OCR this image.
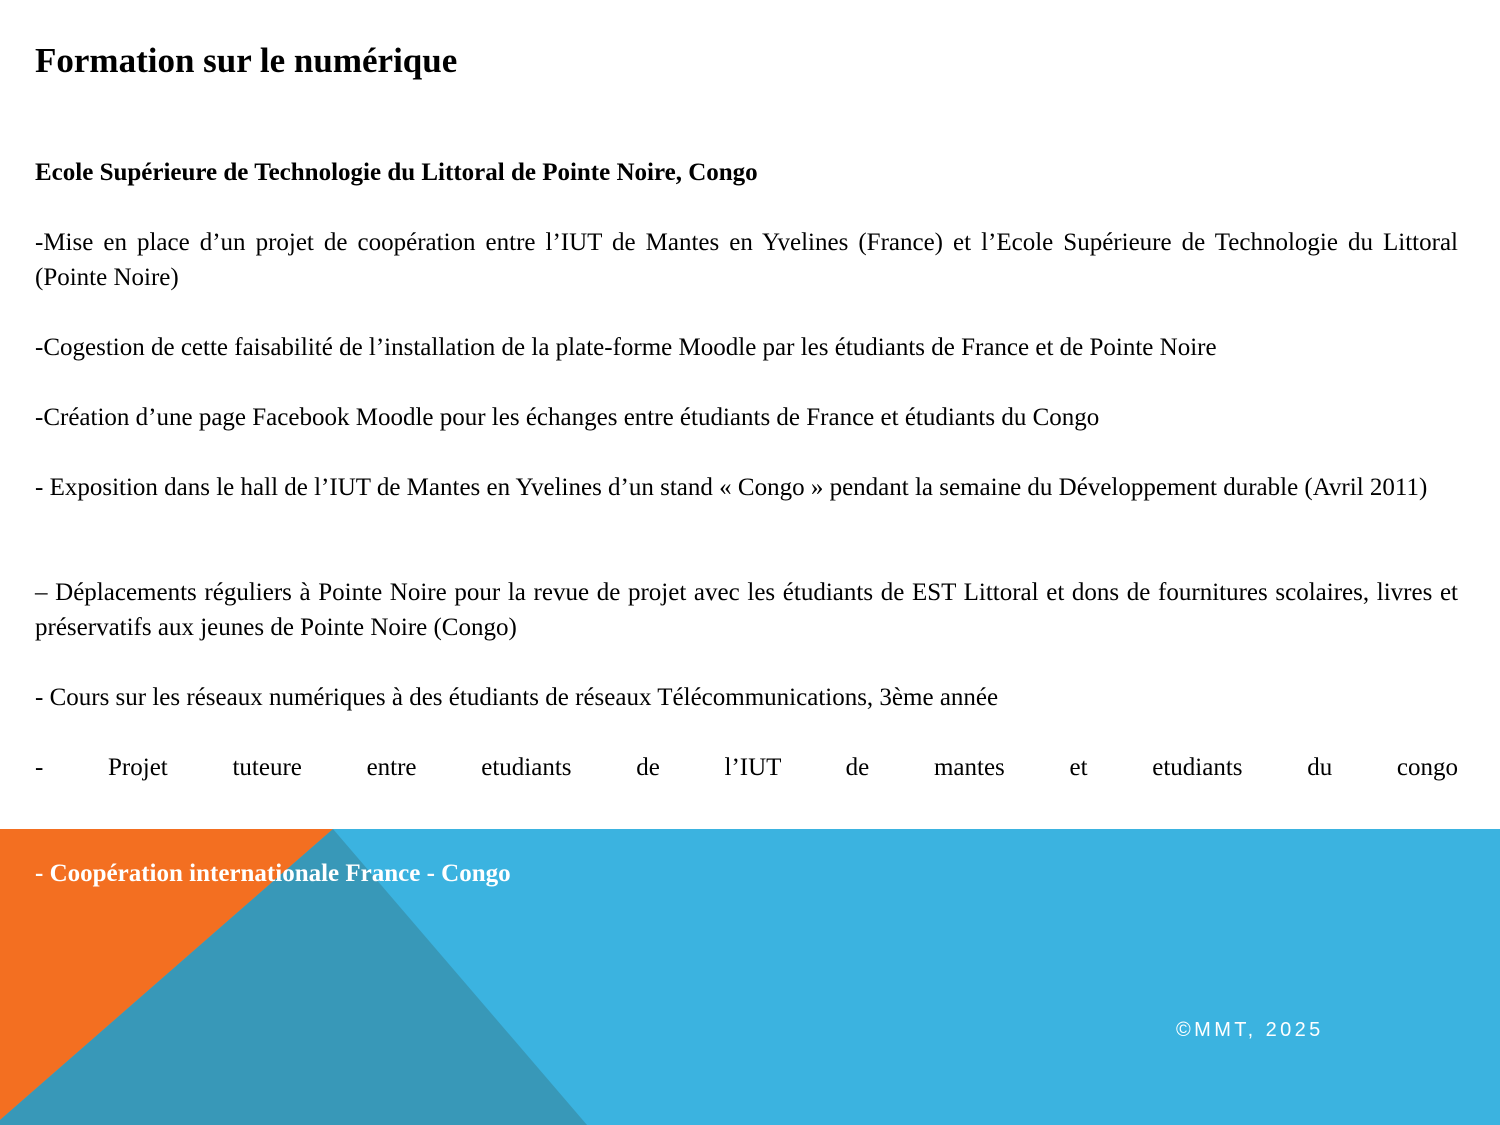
Formation sur le numérique

Ecole Supérieure de Technologie du Littoral de Pointe Noire, Congo

-Mise en place d’un projet de coopération entre l’IUT de Mantes en Yvelines (France) et l’Ecole Supérieure de Technologie du Littoral (Pointe Noire)

-Cogestion de cette faisabilité de l’installation de la plate-forme Moodle par les étudiants de France et de Pointe Noire

-Création d’une page Facebook Moodle pour les échanges entre étudiants de France et étudiants du Congo

- Exposition dans le hall de l’IUT de Mantes en Yvelines d’un stand « Congo » pendant la semaine du Développement durable (Avril 2011)

– Déplacements réguliers à Pointe Noire pour la revue de projet avec les étudiants de EST Littoral et dons de fournitures scolaires, livres et préservatifs aux jeunes de Pointe Noire (Congo)

- Cours sur les réseaux numériques à des étudiants de réseaux Télécommunications, 3ème année

- Projet tuteure entre etudiants de l’IUT de mantes et etudiants du congo

- Coopération internationale France - Congo

©MMT, 2025
